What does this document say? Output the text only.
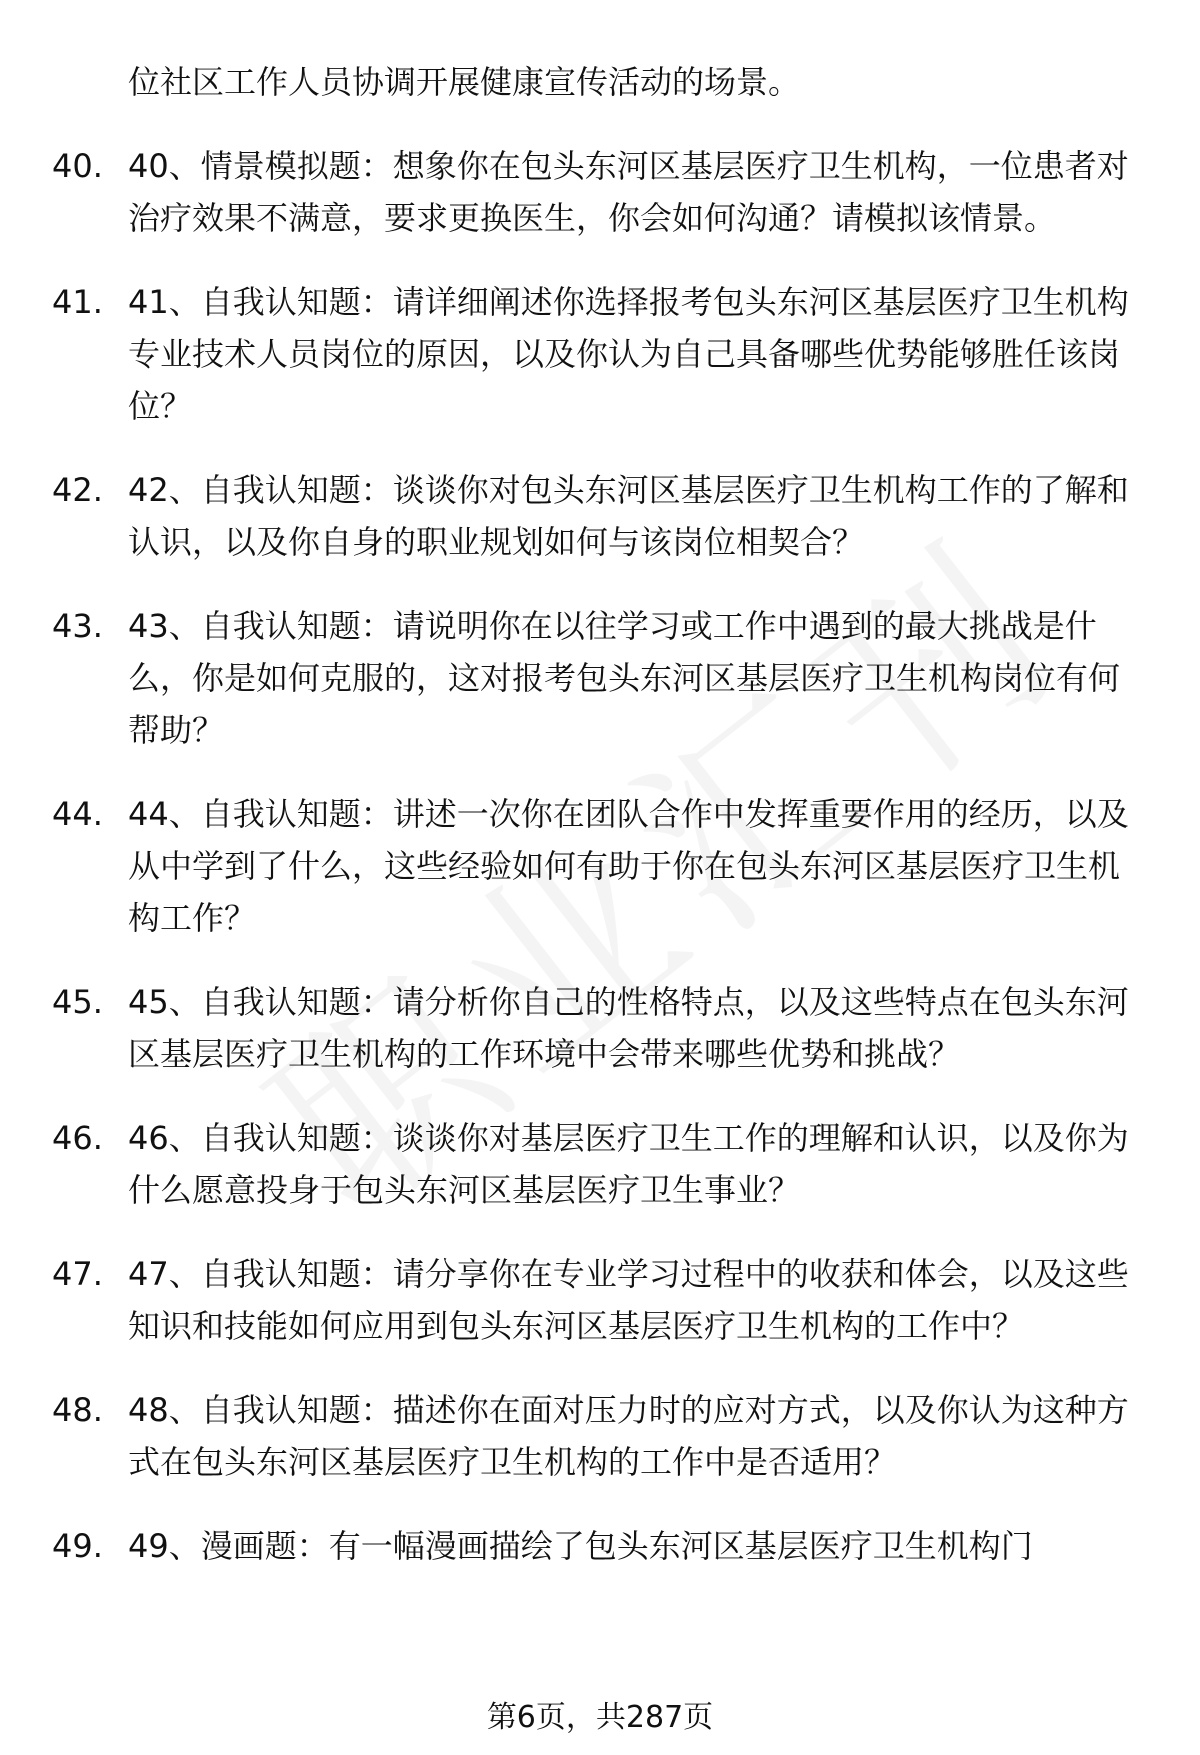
位社区工作人员协调开展健康宣传活动的场景。
40. 40、情景模拟题：想象你在包头东河区基层医疗卫生机构，一位患者对治疗效果不满意，要求更换医生，你会如何沟通？请模拟该情景。
41. 41、自我认知题：请详细阐述你选择报考包头东河区基层医疗卫生机构专业技术人员岗位的原因，以及你认为自己具备哪些优势能够胜任该岗位？
42. 42、自我认知题：谈谈你对包头东河区基层医疗卫生机构工作的了解和认识，以及你自身的职业规划如何与该岗位相契合？
43. 43、自我认知题：请说明你在以往学习或工作中遇到的最大挑战是什么，你是如何克服的，这对报考包头东河区基层医疗卫生机构岗位有何帮助？
44. 44、自我认知题：讲述一次你在团队合作中发挥重要作用的经历，以及从中学到了什么，这些经验如何有助于你在包头东河区基层医疗卫生机构工作？
45. 45、自我认知题：请分析你自己的性格特点，以及这些特点在包头东河区基层医疗卫生机构的工作环境中会带来哪些优势和挑战？
46. 46、自我认知题：谈谈你对基层医疗卫生工作的理解和认识，以及你为什么愿意投身于包头东河区基层医疗卫生事业？
47. 47、自我认知题：请分享你在专业学习过程中的收获和体会，以及这些知识和技能如何应用到包头东河区基层医疗卫生机构的工作中？
48. 48、自我认知题：描述你在面对压力时的应对方式，以及你认为这种方式在包头东河区基层医疗卫生机构的工作中是否适用？
49. 49、漫画题：有一幅漫画描绘了包头东河区基层医疗卫生机构门
第6页，共287页
